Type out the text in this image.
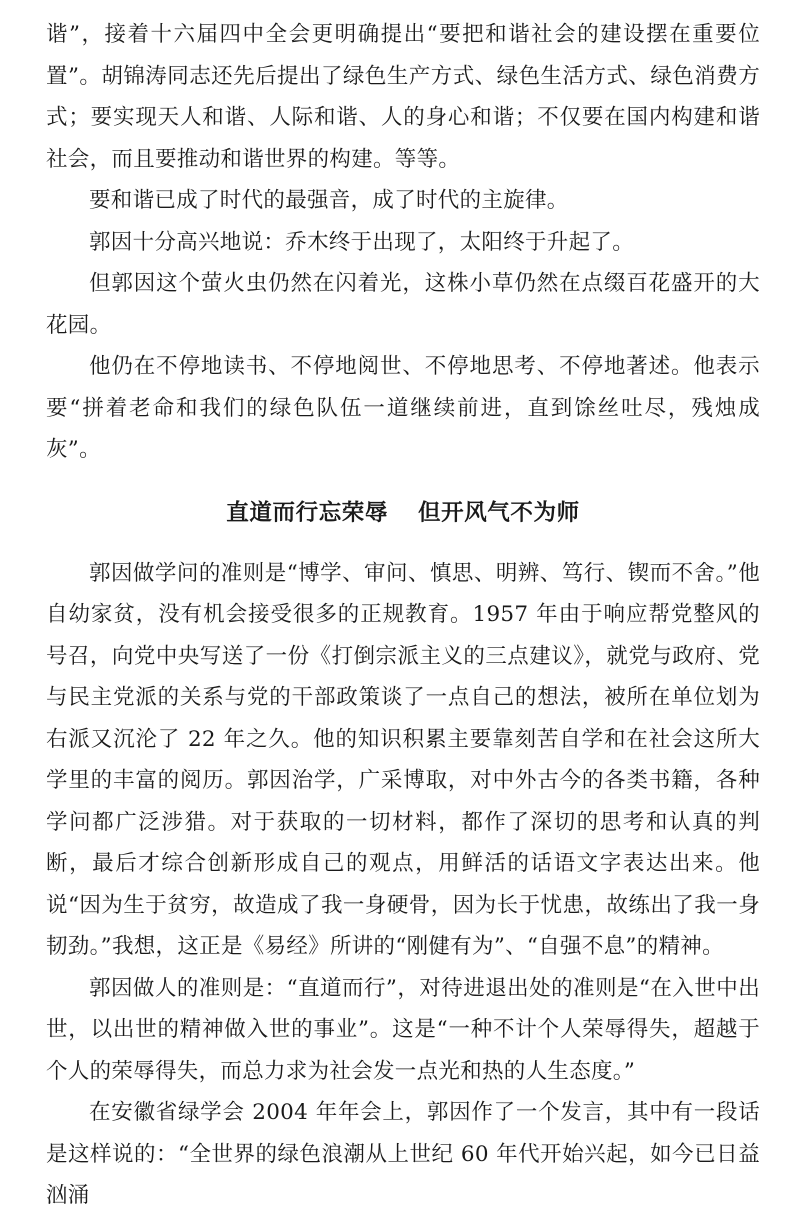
谐”，接着十六届四中全会更明确提出“要把和谐社会的建设摆在重要位置”。胡锦涛同志还先后提出了绿色生产方式、绿色生活方式、绿色消费方式；要实现天人和谐、人际和谐、人的身心和谐；不仅要在国内构建和谐社会，而且要推动和谐世界的构建。等等。

要和谐已成了时代的最强音，成了时代的主旋律。

郭因十分高兴地说：乔木终于出现了，太阳终于升起了。

但郭因这个萤火虫仍然在闪着光，这株小草仍然在点缀百花盛开的大花园。

他仍在不停地读书、不停地阅世、不停地思考、不停地著述。他表示要“拼着老命和我们的绿色队伍一道继续前进，直到馀丝吐尽，残烛成灰”。

直道而行忘荣辱 但开风气不为师

郭因做学问的准则是“博学、审问、慎思、明辨、笃行、锲而不舍。”他自幼家贫，没有机会接受很多的正规教育。1957 年由于响应帮党整风的号召，向党中央写送了一份《打倒宗派主义的三点建议》，就党与政府、党与民主党派的关系与党的干部政策谈了一点自己的想法，被所在单位划为右派又沉沦了 22 年之久。他的知识积累主要靠刻苦自学和在社会这所大学里的丰富的阅历。郭因治学，广采博取，对中外古今的各类书籍，各种学问都广泛涉猎。对于获取的一切材料，都作了深切的思考和认真的判断，最后才综合创新形成自己的观点，用鲜活的话语文字表达出来。他说“因为生于贫穷，故造成了我一身硬骨，因为长于忧患，故练出了我一身韧劲。”我想，这正是《易经》所讲的“刚健有为”、“自强不息”的精神。

郭因做人的准则是：“直道而行”，对待进退出处的准则是“在入世中出世，以出世的精神做入世的事业”。这是“一种不计个人荣辱得失，超越于个人的荣辱得失，而总力求为社会发一点光和热的人生态度。”

在安徽省绿学会 2004 年年会上，郭因作了一个发言，其中有一段话是这样说的：“全世界的绿色浪潮从上世纪 60 年代开始兴起，如今已日益汹涌
